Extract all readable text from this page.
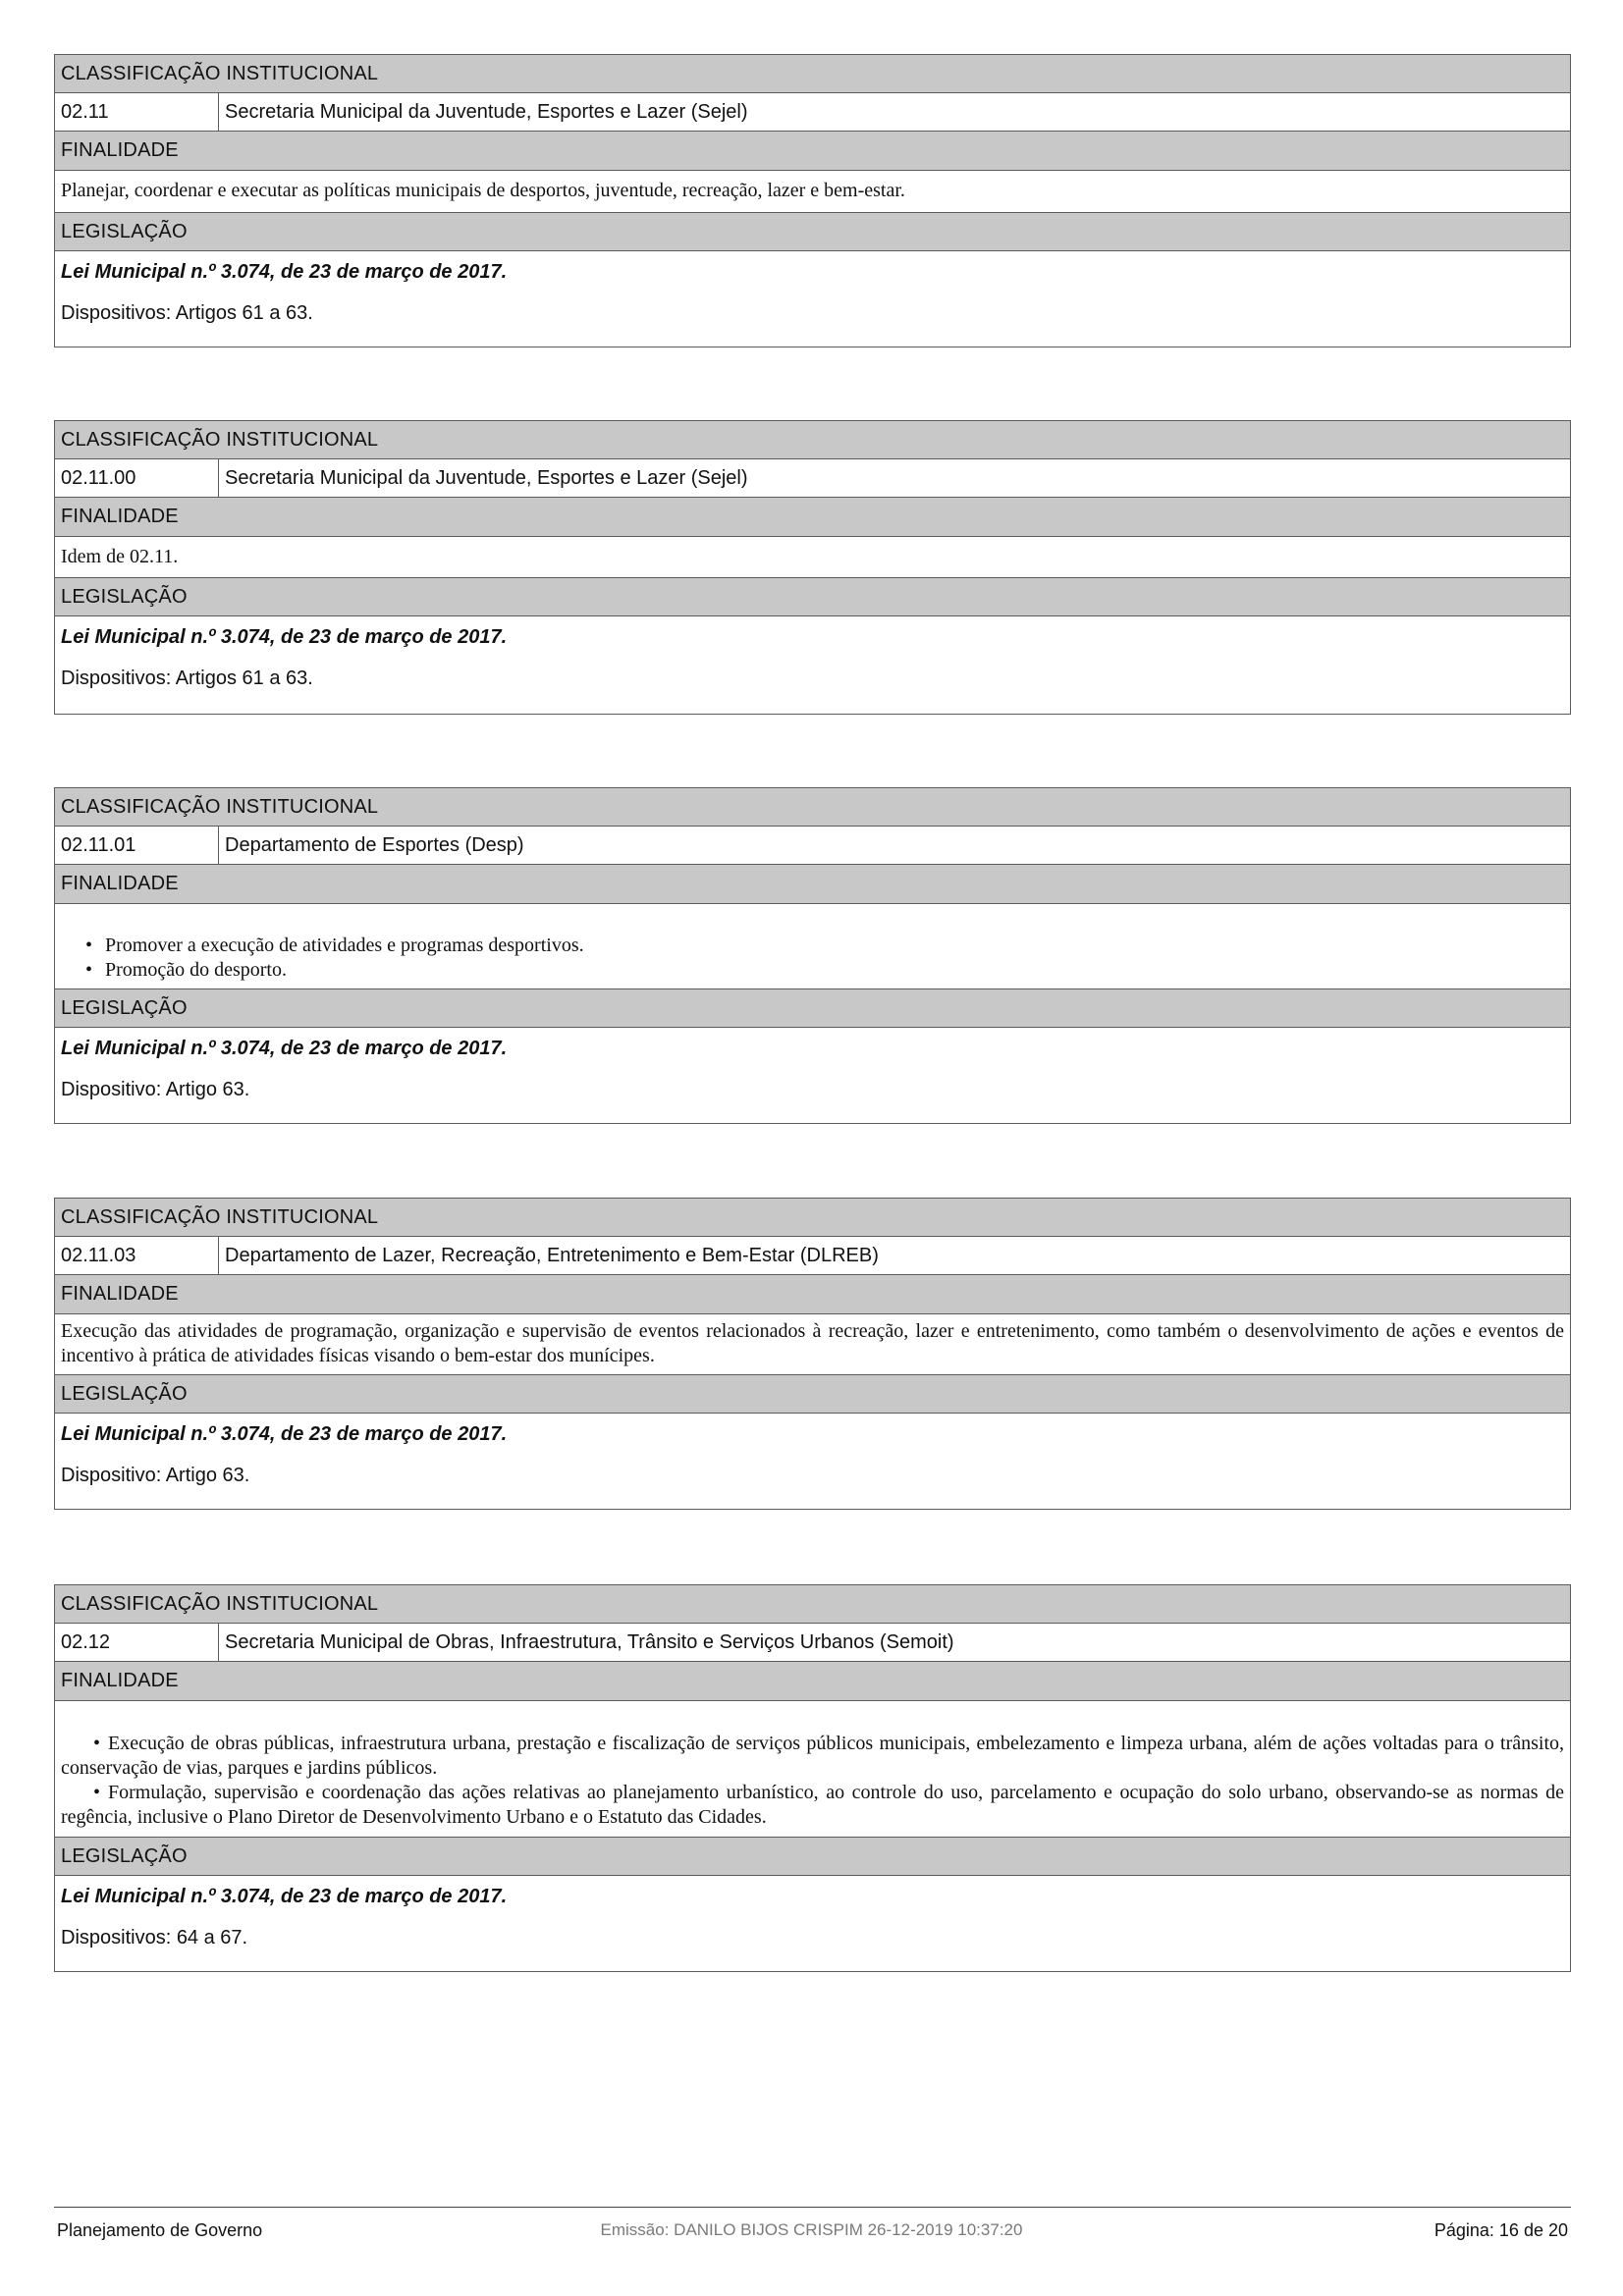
CLASSIFICAÇÃO INSTITUCIONAL
02.11	Secretaria Municipal da Juventude, Esportes e Lazer (Sejel)
FINALIDADE
Planejar, coordenar e executar as políticas municipais de desportos, juventude, recreação, lazer e bem-estar.
LEGISLAÇÃO
Lei Municipal n.º 3.074, de 23 de março de 2017.
Dispositivos: Artigos 61 a 63.
CLASSIFICAÇÃO INSTITUCIONAL
02.11.00	Secretaria Municipal da Juventude, Esportes e Lazer (Sejel)
FINALIDADE
Idem de 02.11.
LEGISLAÇÃO
Lei Municipal n.º 3.074, de 23 de março de 2017.
Dispositivos: Artigos 61 a 63.
CLASSIFICAÇÃO INSTITUCIONAL
02.11.01	Departamento de Esportes (Desp)
FINALIDADE

• Promover a execução de atividades e programas desportivos.

• Promoção do desporto.

LEGISLAÇÃO
Lei Municipal n.º 3.074, de 23 de março de 2017.
Dispositivo: Artigo 63.
CLASSIFICAÇÃO INSTITUCIONAL
02.11.03	Departamento de Lazer, Recreação, Entretenimento e Bem-Estar (DLREB)
FINALIDADE
Execução das atividades de programação, organização e supervisão de eventos relacionados à recreação, lazer e entretenimento, como também o desenvolvimento de ações e eventos de incentivo à prática de atividades físicas visando o bem-estar dos munícipes.
LEGISLAÇÃO
Lei Municipal n.º 3.074, de 23 de março de 2017.
Dispositivo: Artigo 63.
CLASSIFICAÇÃO INSTITUCIONAL
02.12	Secretaria Municipal de Obras, Infraestrutura, Trânsito e Serviços Urbanos (Semoit)
FINALIDADE

• Execução de obras públicas, infraestrutura urbana, prestação e fiscalização de serviços públicos municipais, embelezamento e limpeza urbana, além de ações voltadas para o trânsito, conservação de vias, parques e jardins públicos.

• Formulação, supervisão e coordenação das ações relativas ao planejamento urbanístico, ao controle do uso, parcelamento e ocupação do solo urbano, observando-se as normas de regência, inclusive o Plano Diretor de Desenvolvimento Urbano e o Estatuto das Cidades.

LEGISLAÇÃO
Lei Municipal n.º 3.074, de 23 de março de 2017.
Dispositivos: 64 a 67.
Emissão: DANILO BIJOS CRISPIM 26-12-2019 10:37:20
Planejamento de Governo	Página: 16 de 20
